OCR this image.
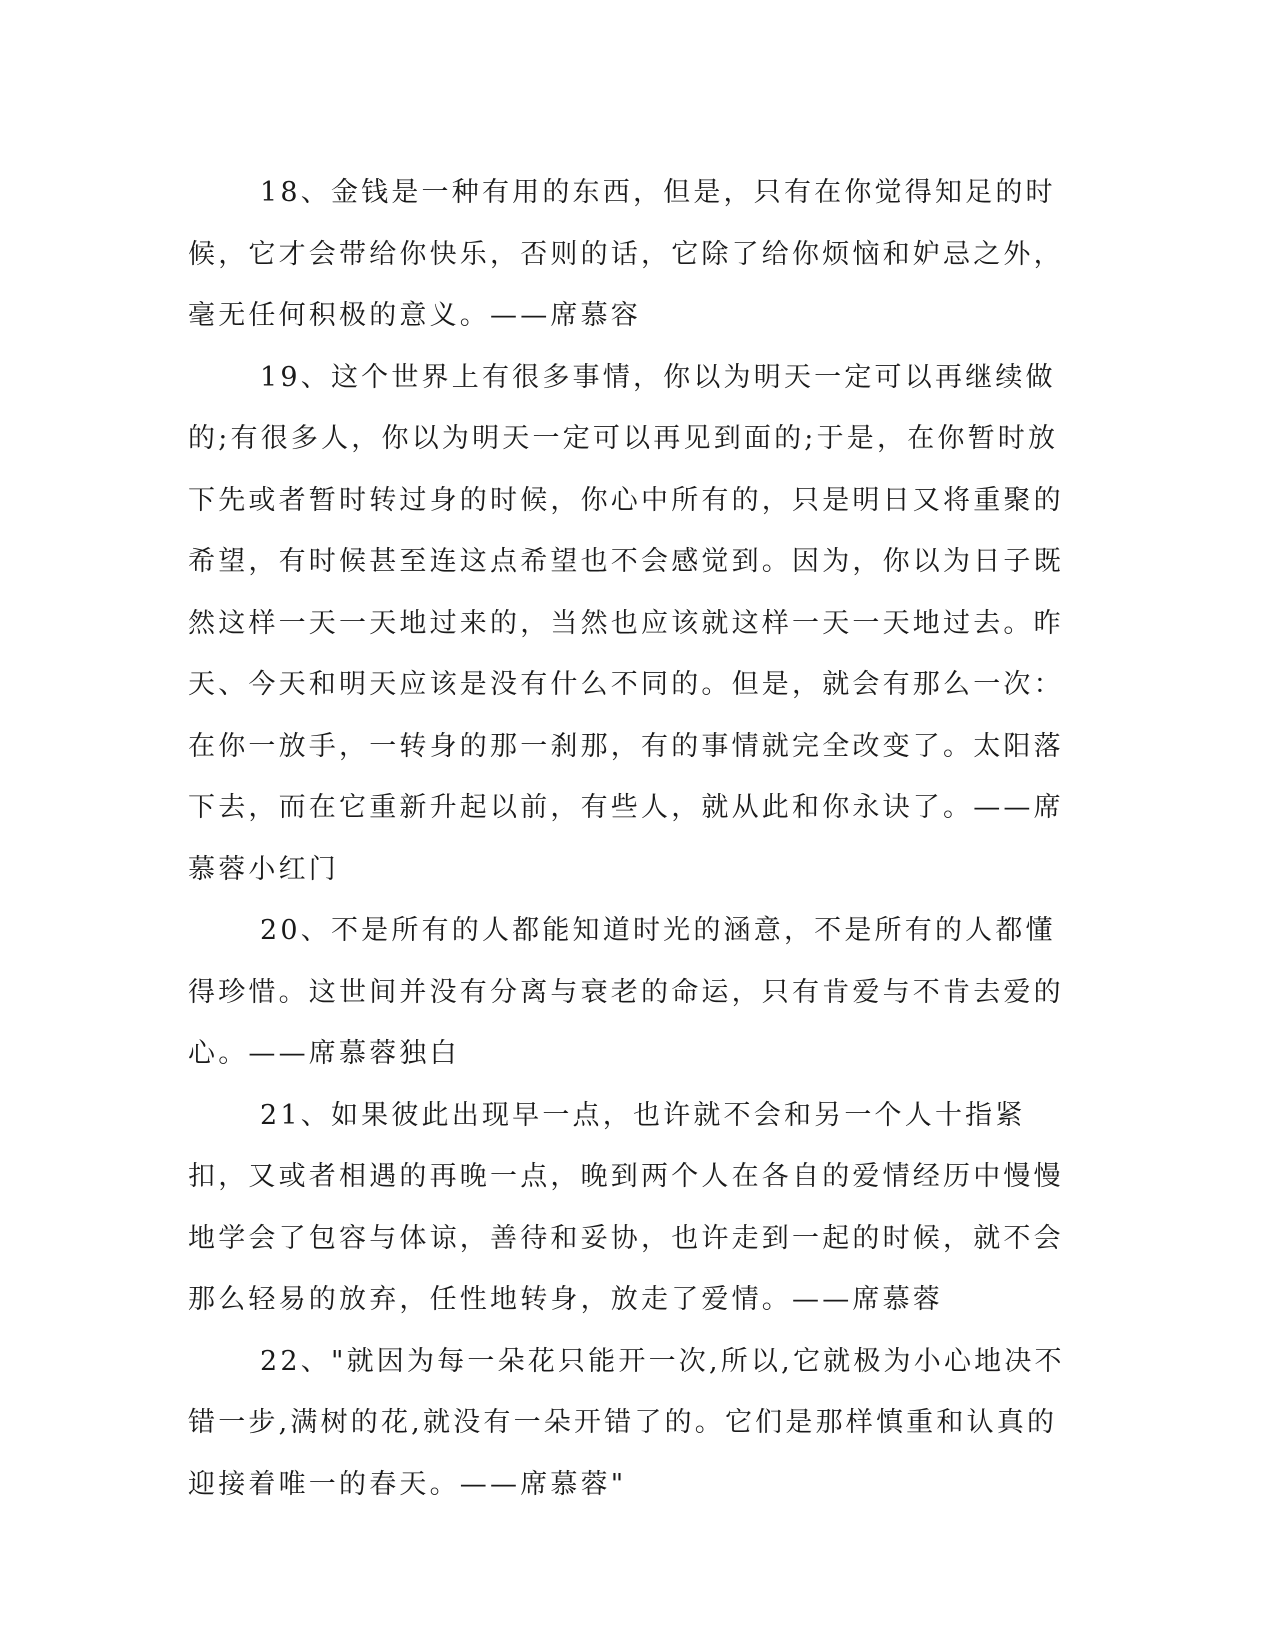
18、金钱是一种有用的东西，但是，只有在你觉得知足的时候，它才会带给你快乐，否则的话，它除了给你烦恼和妒忌之外，毫无任何积极的意义。——席慕容

19、这个世界上有很多事情，你以为明天一定可以再继续做的;有很多人，你以为明天一定可以再见到面的;于是，在你暂时放下先或者暂时转过身的时候，你心中所有的，只是明日又将重聚的希望，有时候甚至连这点希望也不会感觉到。因为，你以为日子既然这样一天一天地过来的，当然也应该就这样一天一天地过去。昨天、今天和明天应该是没有什么不同的。但是，就会有那么一次：在你一放手，一转身的那一刹那，有的事情就完全改变了。太阳落下去，而在它重新升起以前，有些人，就从此和你永诀了。——席慕蓉小红门

20、不是所有的人都能知道时光的涵意，不是所有的人都懂得珍惜。这世间并没有分离与衰老的命运，只有肯爱与不肯去爱的心。——席慕蓉独白

21、如果彼此出现早一点，也许就不会和另一个人十指紧扣，又或者相遇的再晚一点，晚到两个人在各自的爱情经历中慢慢地学会了包容与体谅，善待和妥协，也许走到一起的时候，就不会那么轻易的放弃，任性地转身，放走了爱情。——席慕蓉

22、"就因为每一朵花只能开一次,所以,它就极为小心地决不错一步,满树的花,就没有一朵开错了的。它们是那样慎重和认真的迎接着唯一的春天。——席慕蓉"
